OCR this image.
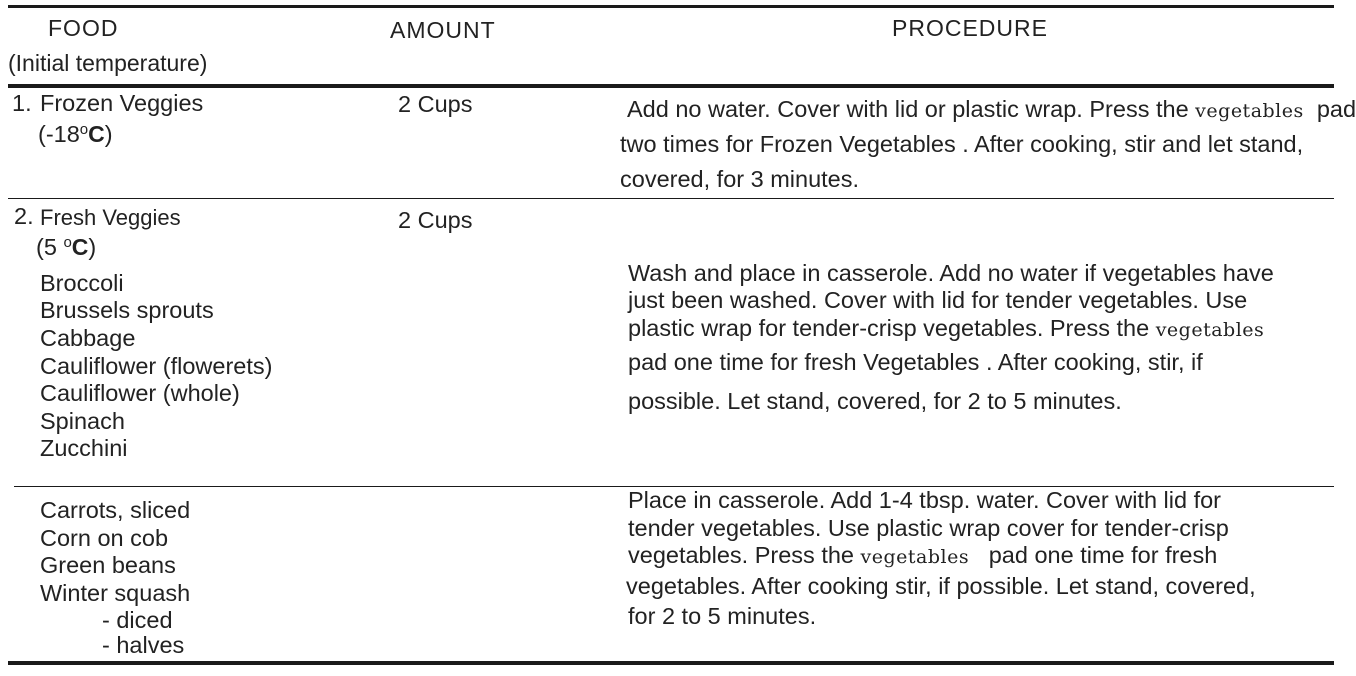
FOOD
(Initial temperature)
AMOUNT	PROCEDURE
1. Frozen Veggies
(-18$^o$C)
2 Cups	Add no water. Cover with lid or plastic wrap. Press the vegetables pad
two times for Frozen Vegetables . After cooking, stir and let stand,
covered, for 3 minutes.
2. Fresh Veggies
(5 $^o$C)
2 Cups
Broccoli
Brussels sprouts
Cabbage
Cauliflower (flowerets)
Cauliflower (whole)
Spinach
Zucchini
Wash and place in casserole. Add no water if vegetables have
just been washed. Cover with lid for tender vegetables. Use
plastic wrap for tender-crisp vegetables. Press the vegetables
pad one time for fresh Vegetables . After cooking, stir, if
possible. Let stand, covered, for 2 to 5 minutes.
Carrots, sliced
Corn on cob
Green beans
Winter squash
- diced
- halves
Place in casserole. Add 1-4 tbsp. water. Cover with lid for
tender vegetables. Use plastic wrap cover for tender-crisp
vegetables. Press the vegetables pad one time for fresh
vegetables. After cooking stir, if possible. Let stand, covered,
for 2 to 5 minutes.
